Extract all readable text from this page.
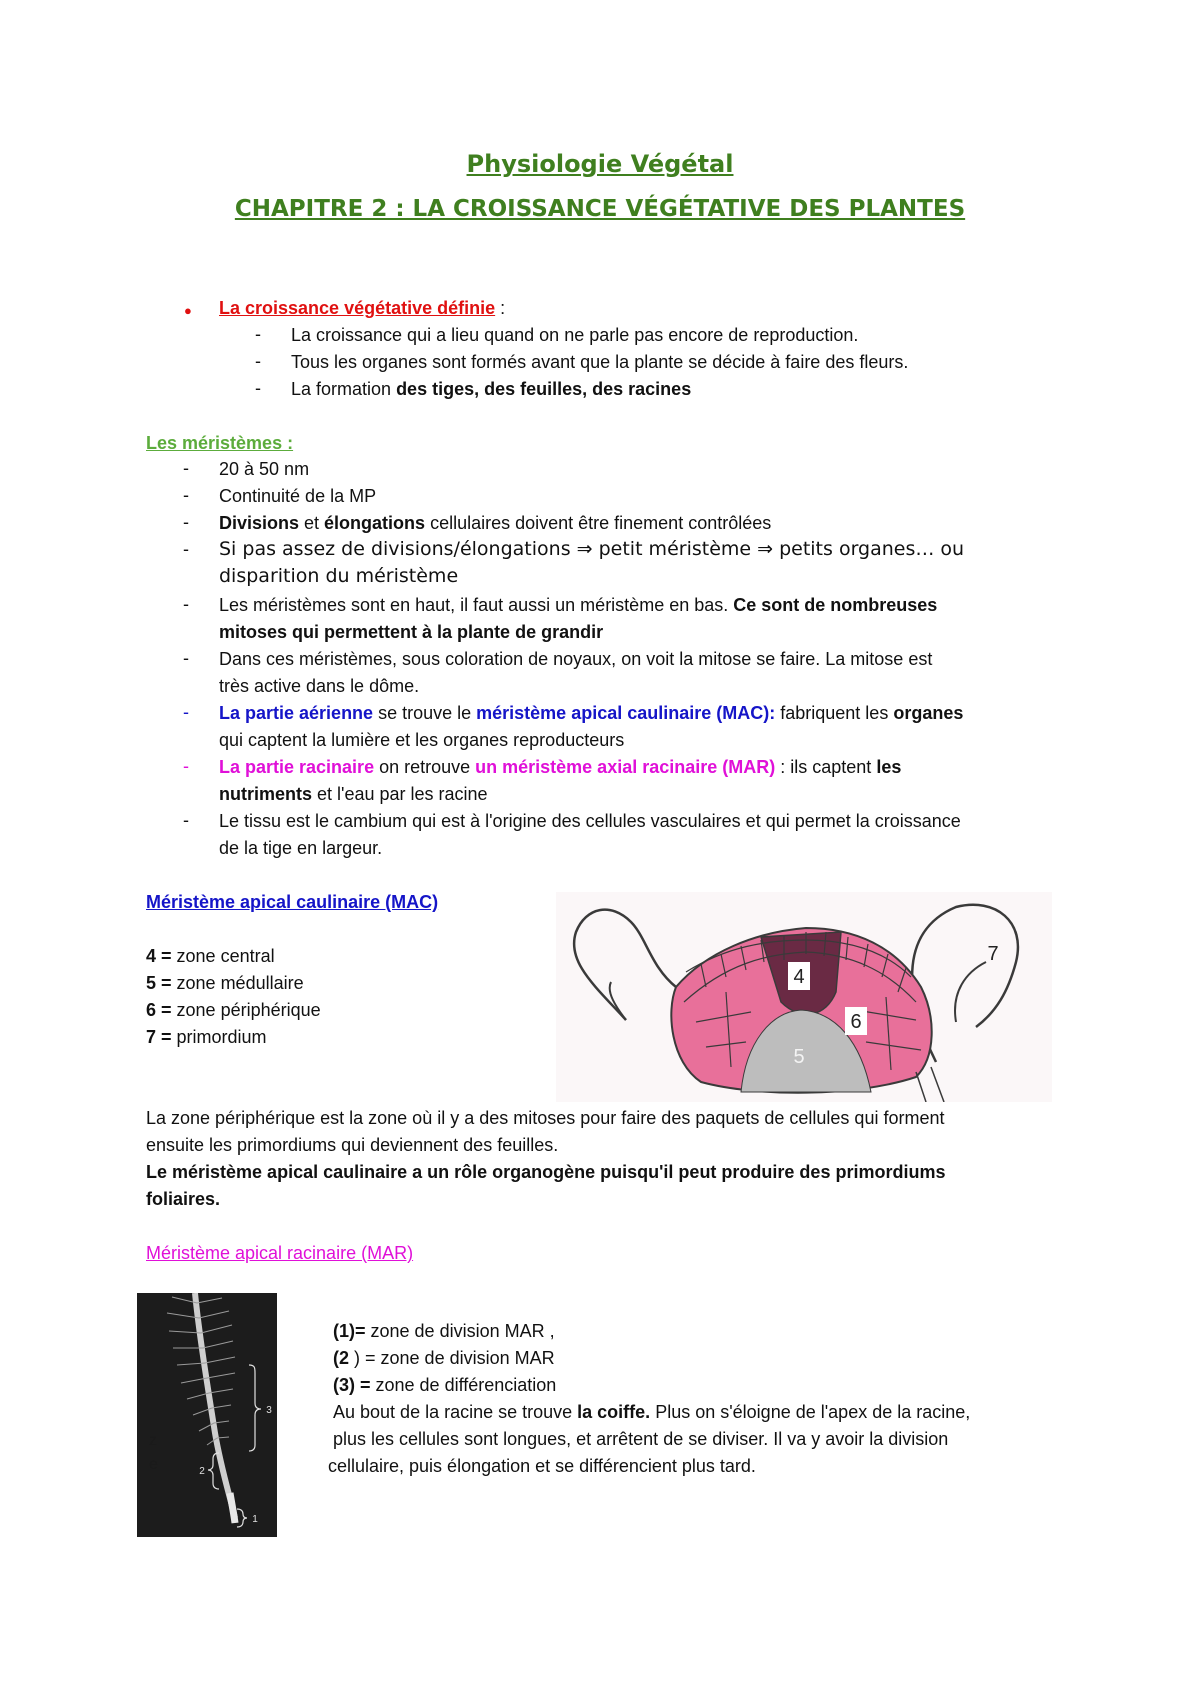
Physiologie Végétal
CHAPITRE 2 : LA CROISSANCE VÉGÉTATIVE DES PLANTES
● La croissance végétative définie :
- La croissance qui a lieu quand on ne parle pas encore de reproduction.
- Tous les organes sont formés avant que la plante se décide à faire des fleurs.
- La formation des tiges, des feuilles, des racines
Les méristèmes :
- 20 à 50 nm
- Continuité de la MP
- Divisions et élongations cellulaires doivent être finement contrôlées
- Si pas assez de divisions/élongations ⇒ petit méristème ⇒ petits organes… ou
disparition du méristème
- Les méristèmes sont en haut, il faut aussi un méristème en bas. Ce sont de nombreuses
mitoses qui permettent à la plante de grandir
- Dans ces méristèmes, sous coloration de noyaux, on voit la mitose se faire. La mitose est
très active dans le dôme.
- La partie aérienne se trouve le méristème apical caulinaire (MAC): fabriquent les organes
qui captent la lumière et les organes reproducteurs
- La partie racinaire on retrouve un méristème axial racinaire (MAR) : ils captent les
nutriments et l'eau par les racine
- Le tissu est le cambium qui est à l'origine des cellules vasculaires et qui permet la croissance
de la tige en largeur.
Méristème apical caulinaire (MAC)
4 = zone central
5 = zone médullaire
6 = zone périphérique
7 = primordium
4
6
5
7
La zone périphérique est la zone où il y a des mitoses pour faire des paquets de cellules qui forment
ensuite les primordiums qui deviennent des feuilles.
Le méristème apical caulinaire a un rôle organogène puisqu'il peut produire des primordiums
foliaires.
Méristème apical racinaire (MAR)
3
2
1
z
e
(1)= zone de division MAR ,
(2 ) = zone de division MAR
(3) = zone de différenciation
Au bout de la racine se trouve la coiffe. Plus on s'éloigne de l'apex de la racine,
plus les cellules sont longues, et arrêtent de se diviser. Il va y avoir la division
cellulaire, puis élongation et se différencient plus tard.
